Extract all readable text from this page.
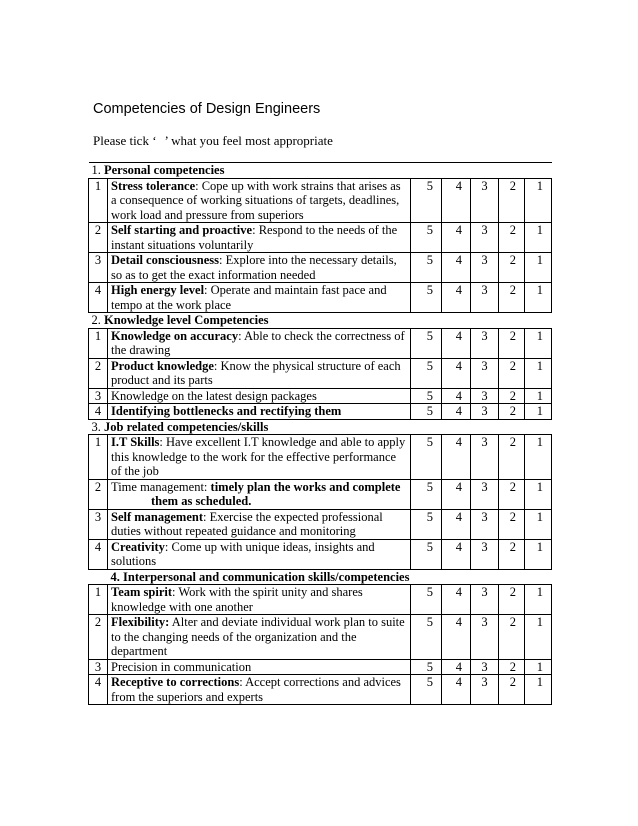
Competencies of Design Engineers
Please tick ‘ ’ what you feel most appropriate
1. Personal competencies						
1	Stress tolerance: Cope up with work strains that arises as a consequence of working situations of targets, deadlines, work load and pressure from superiors	5	4	3	2	1
2	Self starting and proactive: Respond to the needs of the instant situations voluntarily	5	4	3	2	1
3	Detail consciousness: Explore into the necessary details, so as to get the exact information needed	5	4	3	2	1
4	High energy level: Operate and maintain fast pace and tempo at the work place	5	4	3	2	1
2. Knowledge level Competencies						
1	Knowledge on accuracy: Able to check the correctness of the drawing	5	4	3	2	1
2	Product knowledge: Know the physical structure of each product and its parts	5	4	3	2	1
3	Knowledge on the latest design packages	5	4	3	2	1
4	Identifying bottlenecks and rectifying them	5	4	3	2	1
3. Job related competencies/skills						
1	I.T Skills: Have excellent I.T knowledge and able to apply this knowledge to the work for the effective performance of the job	5	4	3	2	1
2	Time management: timely plan the works and complete
them as scheduled.	5	4	3	2	1
3	Self management: Exercise the expected professional duties without repeated guidance and monitoring	5	4	3	2	1
4	Creativity: Come up with unique ideas, insights and solutions	5	4	3	2	1
4. Interpersonal and communication skills/competencies						
1	Team spirit: Work with the spirit unity and shares knowledge with one another	5	4	3	2	1
2	Flexibility: Alter and deviate individual work plan to suite to the changing needs of the organization and the department	5	4	3	2	1
3	Precision in communication	5	4	3	2	1
4	Receptive to corrections: Accept corrections and advices from the superiors and experts	5	4	3	2	1
